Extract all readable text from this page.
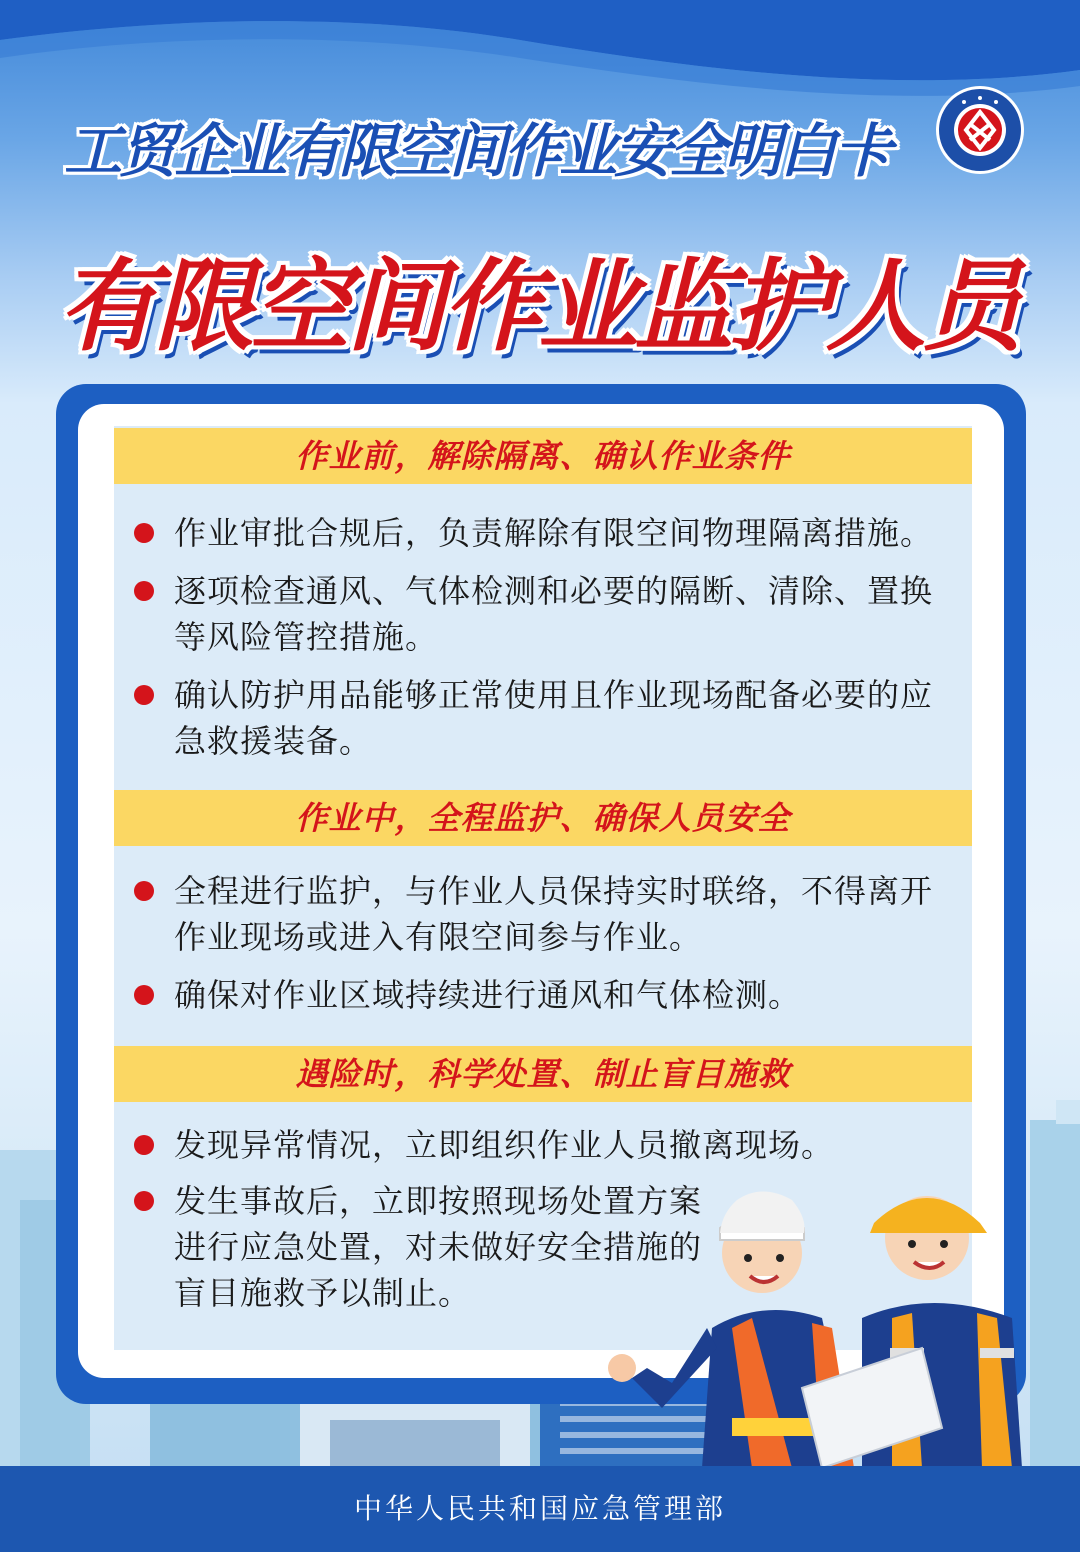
工贸企业有限空间作业安全明白卡
有限空间作业监护人员
作业前，解除隔离、确认作业条件
作业审批合规后，负责解除有限空间物理隔离措施。
逐项检查通风、气体检测和必要的隔断、清除、置换等风险管控措施。
确认防护用品能够正常使用且作业现场配备必要的应急救援装备。
作业中，全程监护、确保人员安全
全程进行监护，与作业人员保持实时联络，不得离开作业现场或进入有限空间参与作业。
确保对作业区域持续进行通风和气体检测。
遇险时，科学处置、制止盲目施救
发现异常情况，立即组织作业人员撤离现场。
发生事故后，立即按照现场处置方案进行应急处置，对未做好安全措施的盲目施救予以制止。
中华人民共和国应急管理部
